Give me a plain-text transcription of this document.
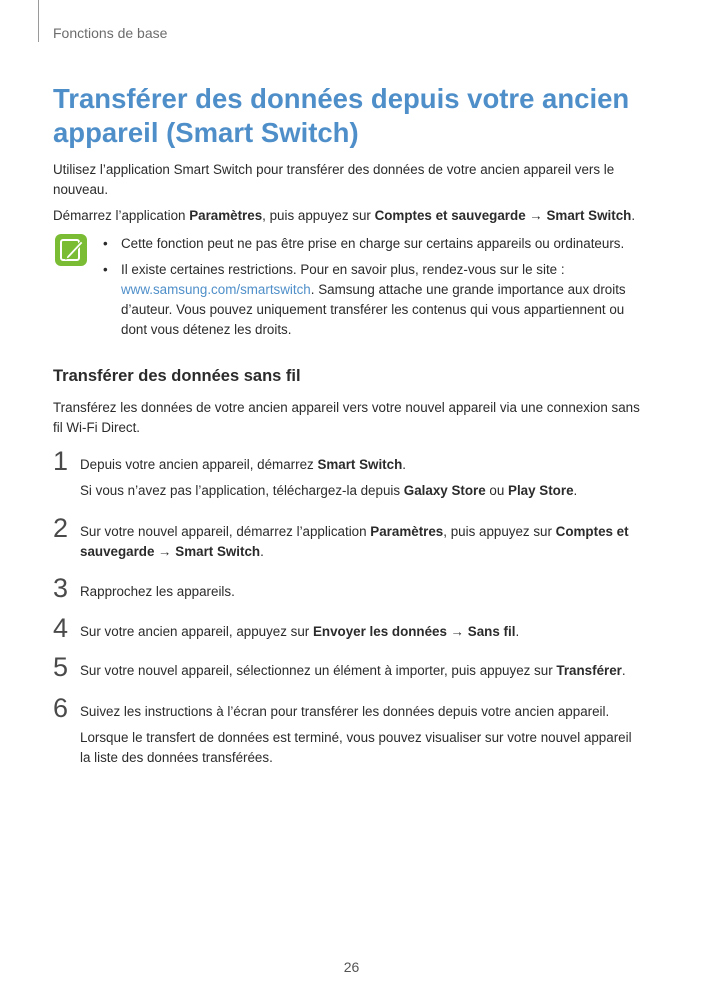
Fonctions de base
Transférer des données depuis votre ancien appareil (Smart Switch)

Utilisez l’application Smart Switch pour transférer des données de votre ancien appareil vers le nouveau.

Démarrez l’application Paramètres, puis appuyez sur Comptes et sauvegarde → Smart Switch.

• Cette fonction peut ne pas être prise en charge sur certains appareils ou ordinateurs.
• Il existe certaines restrictions. Pour en savoir plus, rendez-vous sur le site : www.samsung.com/smartswitch. Samsung attache une grande importance aux droits d’auteur. Vous pouvez uniquement transférer les contenus qui vous appartiennent ou dont vous détenez les droits.
Transférer des données sans fil

Transférez les données de votre ancien appareil vers votre nouvel appareil via une connexion sans fil Wi-Fi Direct.

1 Depuis votre ancien appareil, démarrez Smart Switch.
Si vous n’avez pas l’application, téléchargez-la depuis Galaxy Store ou Play Store.
2 Sur votre nouvel appareil, démarrez l’application Paramètres, puis appuyez sur Comptes et sauvegarde → Smart Switch.
3 Rapprochez les appareils.
4 Sur votre ancien appareil, appuyez sur Envoyer les données → Sans fil.
5 Sur votre nouvel appareil, sélectionnez un élément à importer, puis appuyez sur Transférer.
6 Suivez les instructions à l’écran pour transférer les données depuis votre ancien appareil.
Lorsque le transfert de données est terminé, vous pouvez visualiser sur votre nouvel appareil la liste des données transférées.
26
